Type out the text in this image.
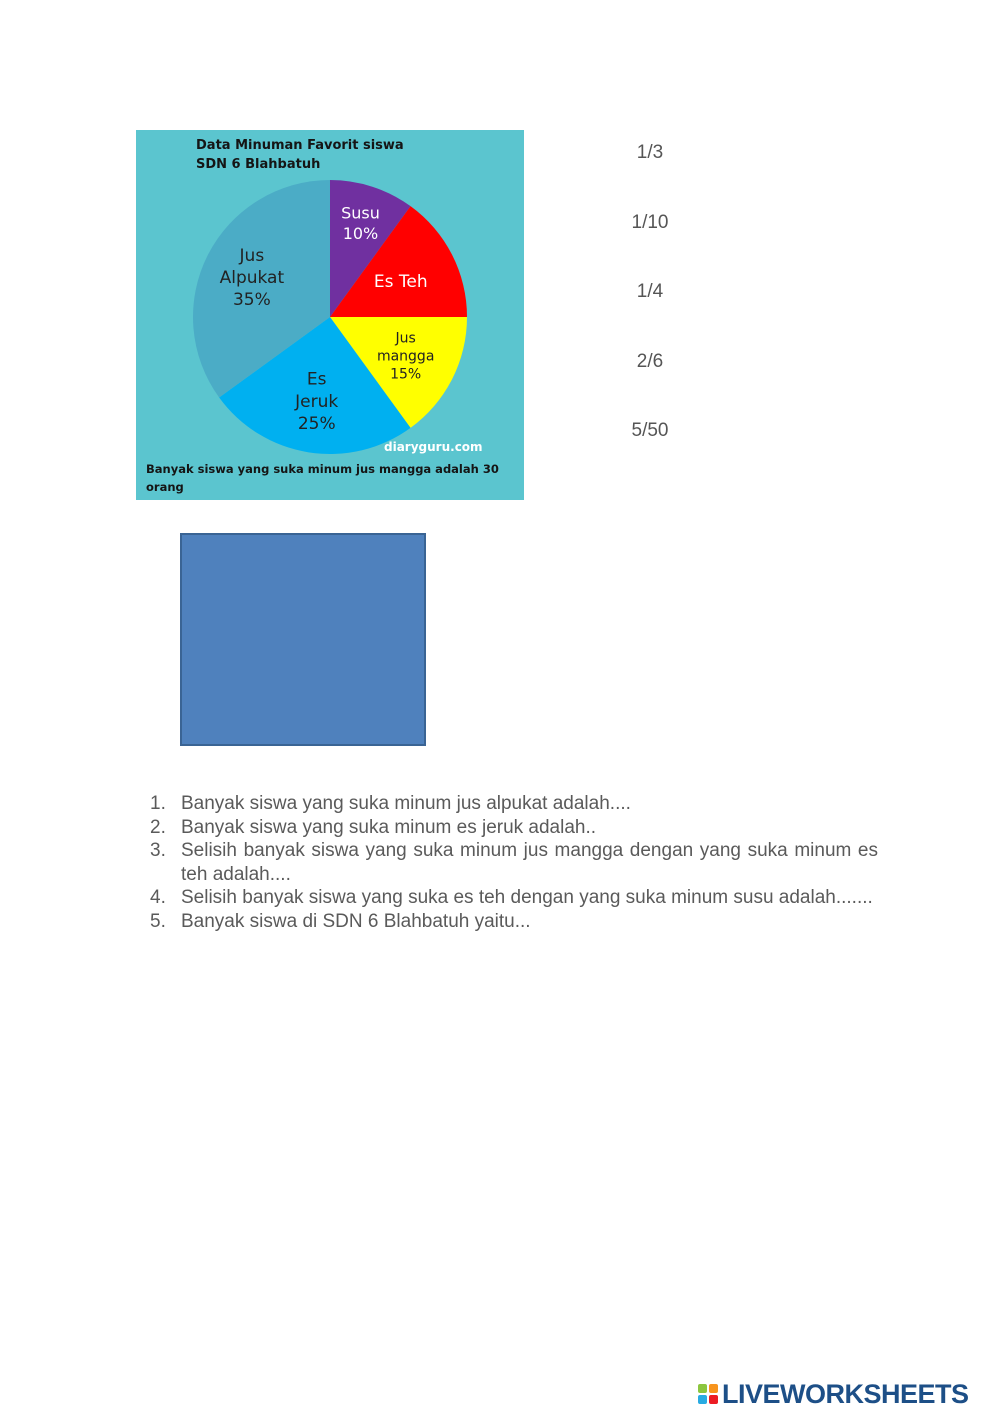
Susu 10%
Es Teh
Jus mangga 15%
Es Jeruk 25%
Jus Alpukat 35%
Data Minuman Favorit siswa
SDN 6 Blahbatuh
diaryguru.com
Banyak siswa yang suka minum jus mangga adalah 30 orang
1/3
1/10
1/4
2/6
5/50
1. Banyak siswa yang suka minum jus alpukat adalah....
2. Banyak siswa yang suka minum es jeruk adalah..
3. Selisih banyak siswa yang suka minum jus mangga dengan yang suka minum es teh adalah....
4. Selisih banyak siswa yang suka es teh dengan yang suka minum susu adalah.......
5. Banyak siswa di SDN 6 Blahbatuh yaitu...
LIVEWORKSHEETS
